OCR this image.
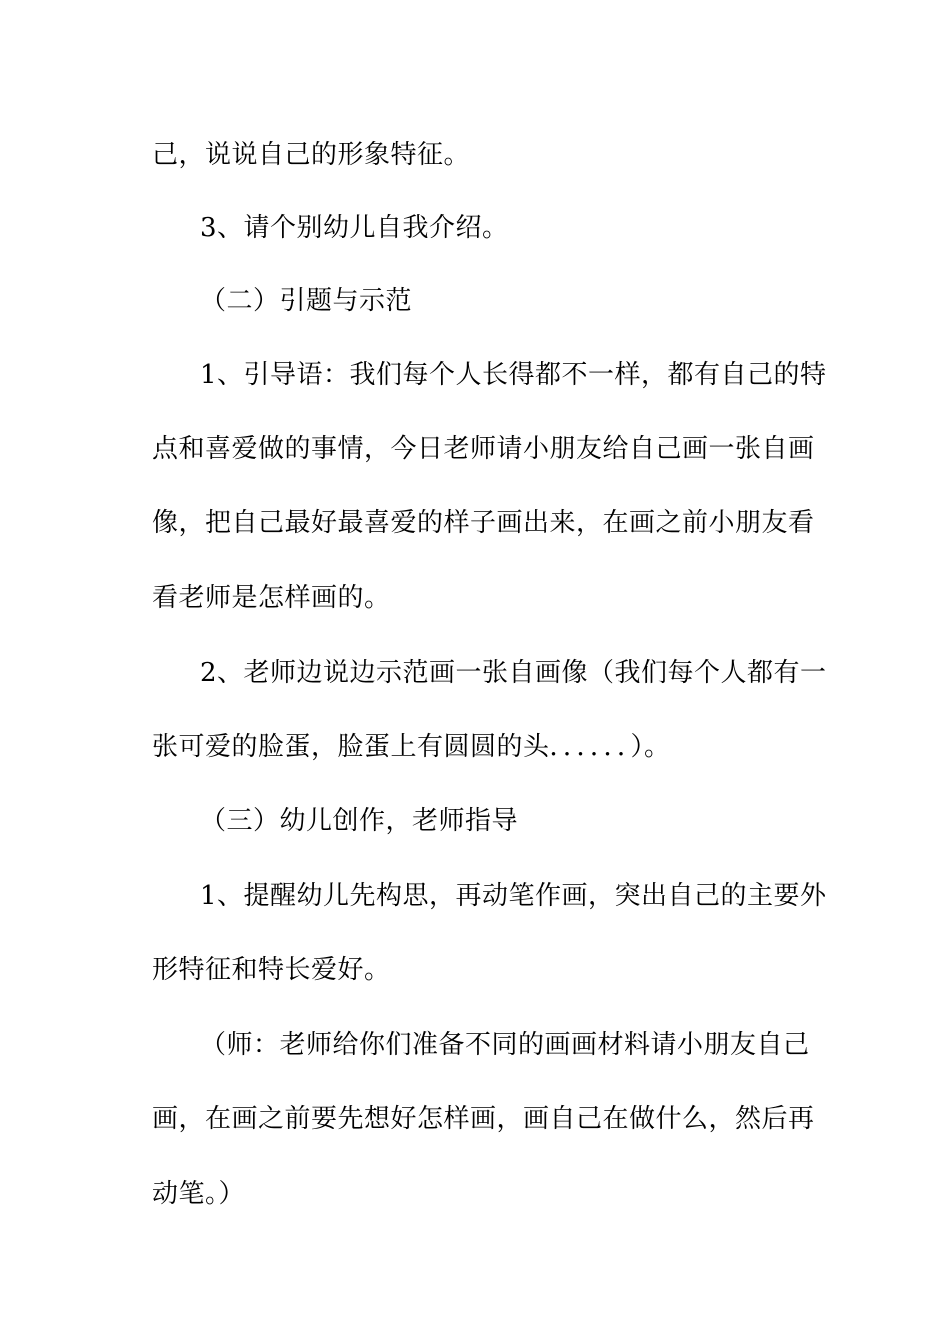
己，说说自己的形象特征。
3、请个别幼儿自我介绍。
（二）引题与示范
1、引导语：我们每个人长得都不一样，都有自己的特
点和喜爱做的事情，今日老师请小朋友给自己画一张自画
像，把自己最好最喜爱的样子画出来，在画之前小朋友看
看老师是怎样画的。
2、老师边说边示范画一张自画像（我们每个人都有一
张可爱的脸蛋，脸蛋上有圆圆的头．．．．．．）。
（三）幼儿创作，老师指导
1、提醒幼儿先构思，再动笔作画，突出自己的主要外
形特征和特长爱好。
（师：老师给你们准备不同的画画材料请小朋友自己
画，在画之前要先想好怎样画，画自己在做什么，然后再
动笔。）
